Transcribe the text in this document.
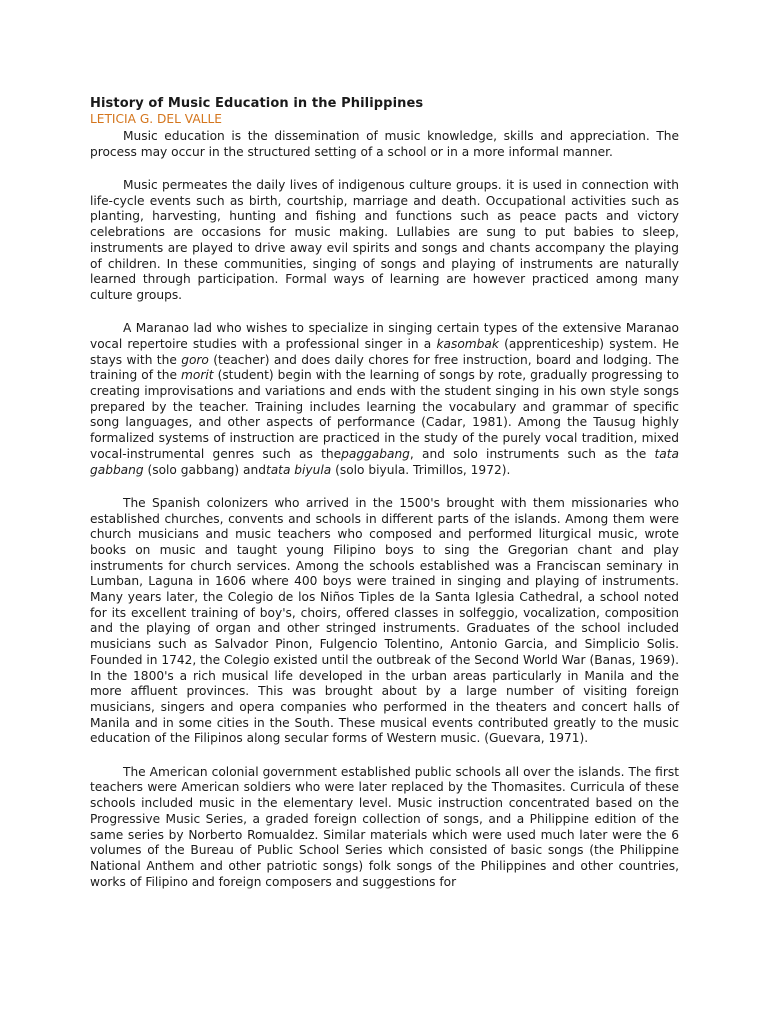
History of Music Education in the Philippines
LETICIA G. DEL VALLE

Music education is the dissemination of music knowledge, skills and appreciation. The process may occur in the structured setting of a school or in a more informal manner.

Music permeates the daily lives of indigenous culture groups. it is used in connection with life-cycle events such as birth, courtship, marriage and death. Occupational activities such as planting, harvesting, hunting and fishing and functions such as peace pacts and victory celebrations are occasions for music making. Lullabies are sung to put babies to sleep, instruments are played to drive away evil spirits and songs and chants accompany the playing of children. In these communities, singing of songs and playing of instruments are naturally learned through participation. Formal ways of learning are however practiced among many culture groups.

A Maranao lad who wishes to specialize in singing certain types of the extensive Maranao vocal repertoire studies with a professional singer in a kasombak (apprenticeship) system. He stays with the goro (teacher) and does daily chores for free instruction, board and lodging. The training of the morit (student) begin with the learning of songs by rote, gradually progressing to creating improvisations and variations and ends with the student singing in his own style songs prepared by the teacher. Training includes learning the vocabulary and grammar of specific song languages, and other aspects of performance (Cadar, 1981). Among the Tausug highly formalized systems of instruction are practiced in the study of the purely vocal tradition, mixed vocal-instrumental genres such as thepaggabang, and solo instruments such as the tata gabbang (solo gabbang) andtata biyula (solo biyula. Trimillos, 1972).

The Spanish colonizers who arrived in the 1500's brought with them missionaries who established churches, convents and schools in different parts of the islands. Among them were church musicians and music teachers who composed and performed liturgical music, wrote books on music and taught young Filipino boys to sing the Gregorian chant and play instruments for church services. Among the schools established was a Franciscan seminary in Lumban, Laguna in 1606 where 400 boys were trained in singing and playing of instruments. Many years later, the Colegio de los Niños Tiples de la Santa Iglesia Cathedral, a school noted for its excellent training of boy's, choirs, offered classes in solfeggio, vocalization, composition and the playing of organ and other stringed instruments. Graduates of the school included musicians such as Salvador Pinon, Fulgencio Tolentino, Antonio Garcia, and Simplicio Solis. Founded in 1742, the Colegio existed until the outbreak of the Second World War (Banas, 1969). In the 1800's a rich musical life developed in the urban areas particularly in Manila and the more affluent provinces. This was brought about by a large number of visiting foreign musicians, singers and opera companies who performed in the theaters and concert halls of Manila and in some cities in the South. These musical events contributed greatly to the music education of the Filipinos along secular forms of Western music. (Guevara, 1971).

The American colonial government established public schools all over the islands. The first teachers were American soldiers who were later replaced by the Thomasites. Curricula of these schools included music in the elementary level. Music instruction concentrated based on the Progressive Music Series, a graded foreign collection of songs, and a Philippine edition of the same series by Norberto Romualdez. Similar materials which were used much later were the 6 volumes of the Bureau of Public School Series which consisted of basic songs (the Philippine National Anthem and other patriotic songs) folk songs of the Philippines and other countries, works of Filipino and foreign composers and suggestions for
